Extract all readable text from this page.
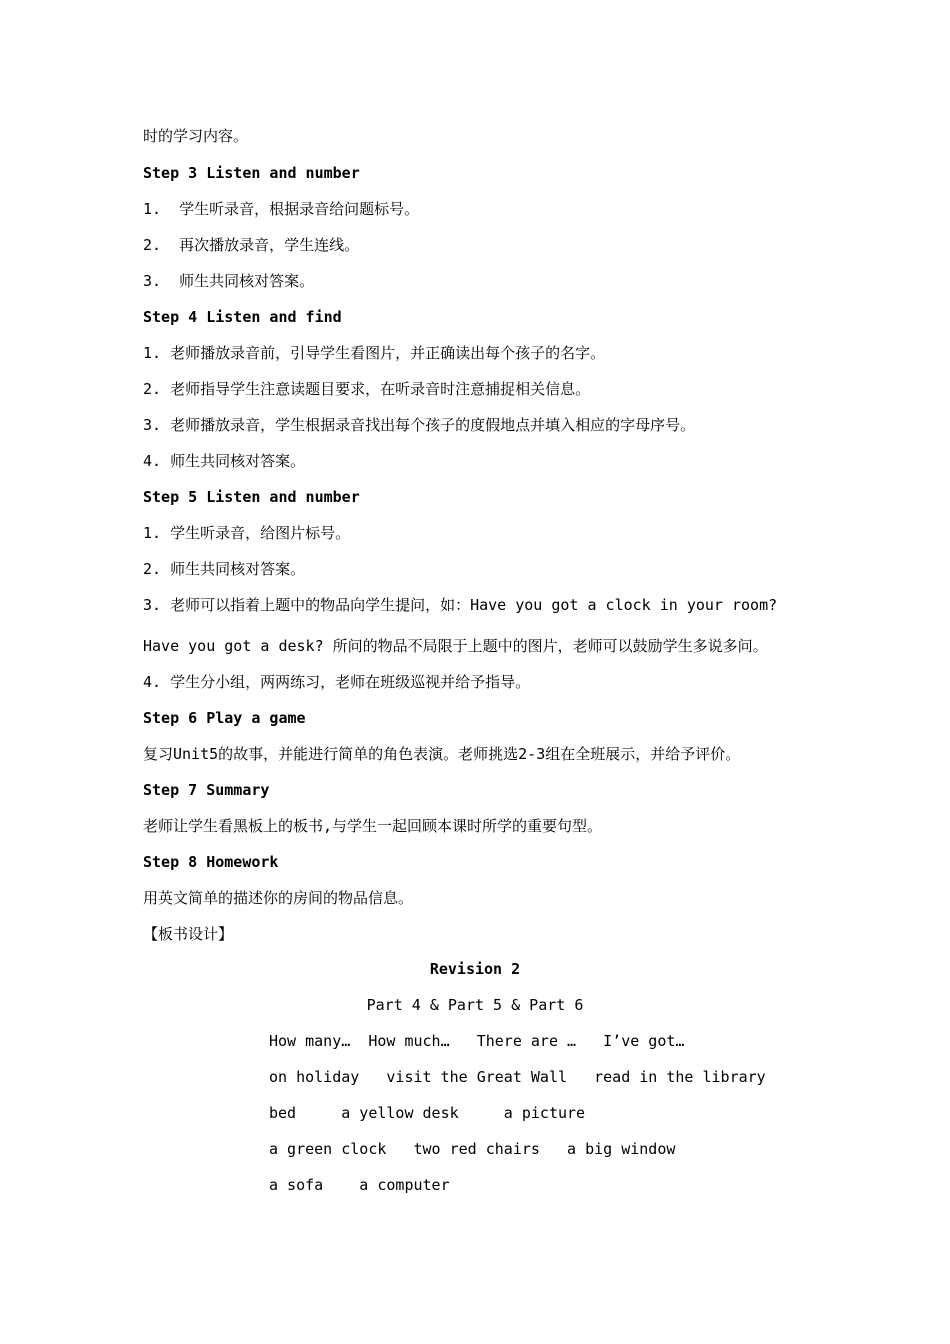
时的学习内容。
Step 3 Listen and number
1.  学生听录音，根据录音给问题标号。
2.  再次播放录音，学生连线。
3.  师生共同核对答案。
Step 4 Listen and find
1. 老师播放录音前，引导学生看图片，并正确读出每个孩子的名字。
2. 老师指导学生注意读题目要求，在听录音时注意捕捉相关信息。
3. 老师播放录音，学生根据录音找出每个孩子的度假地点并填入相应的字母序号。
4. 师生共同核对答案。
Step 5 Listen and number
1. 学生听录音，给图片标号。
2. 师生共同核对答案。
3. 老师可以指着上题中的物品向学生提问，如：Have you got a clock in your room?
Have you got a desk? 所问的物品不局限于上题中的图片，老师可以鼓励学生多说多问。
4. 学生分小组，两两练习，老师在班级巡视并给予指导。
Step 6 Play a game
复习Unit5的故事，并能进行简单的角色表演。老师挑选2-3组在全班展示，并给予评价。
Step 7 Summary
老师让学生看黑板上的板书,与学生一起回顾本课时所学的重要句型。
Step 8 Homework
用英文简单的描述你的房间的物品信息。
【板书设计】
Revision 2
Part 4 & Part 5 & Part 6
How many…  How much…   There are …   I’ve got…
on holiday   visit the Great Wall   read in the library
bed     a yellow desk     a picture
a green clock   two red chairs   a big window
a sofa    a computer
